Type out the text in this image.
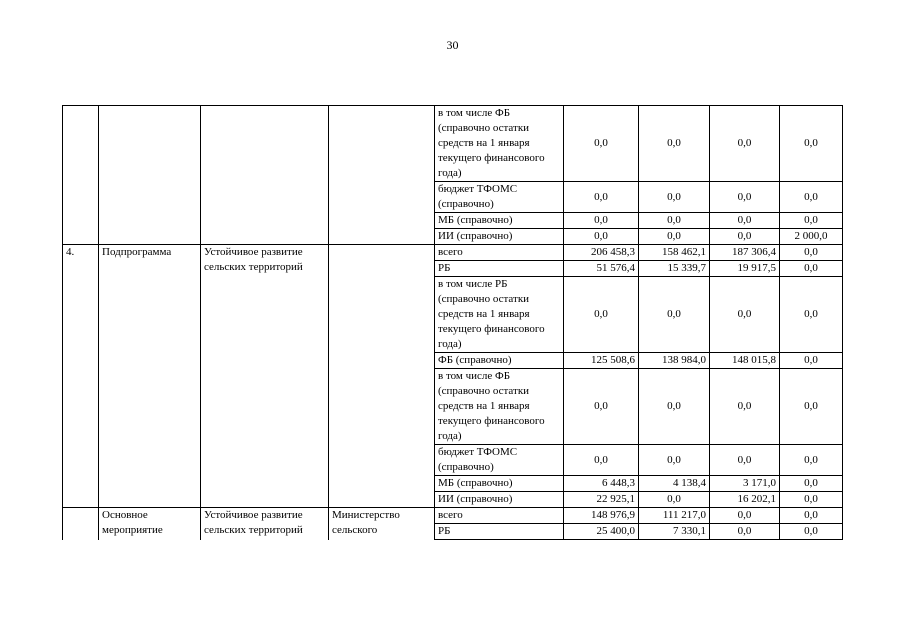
30
				в том числе ФБ (справочно остатки средств на 1 января текущего финансового года)	0,0	0,0	0,0	0,0
				бюджет ТФОМС (справочно)	0,0	0,0	0,0	0,0
				МБ (справочно)	0,0	0,0	0,0	0,0
				ИИ (справочно)	0,0	0,0	0,0	2 000,0
4.	Подпрограмма	Устойчивое развитие сельских территорий		всего	206 458,3	158 462,1	187 306,4	0,0
				РБ	51 576,4	15 339,7	19 917,5	0,0
				в том числе РБ (справочно остатки средств на 1 января текущего финансового года)	0,0	0,0	0,0	0,0
				ФБ (справочно)	125 508,6	138 984,0	148 015,8	0,0
				в том числе ФБ (справочно остатки средств на 1 января текущего финансового года)	0,0	0,0	0,0	0,0
				бюджет ТФОМС (справочно)	0,0	0,0	0,0	0,0
				МБ (справочно)	6 448,3	4 138,4	3 171,0	0,0
				ИИ (справочно)	22 925,1	0,0	16 202,1	0,0
	Основное мероприятие	Устойчивое развитие сельских территорий	Министерство сельского	всего	148 976,9	111 217,0	0,0	0,0
				РБ	25 400,0	7 330,1	0,0	0,0
